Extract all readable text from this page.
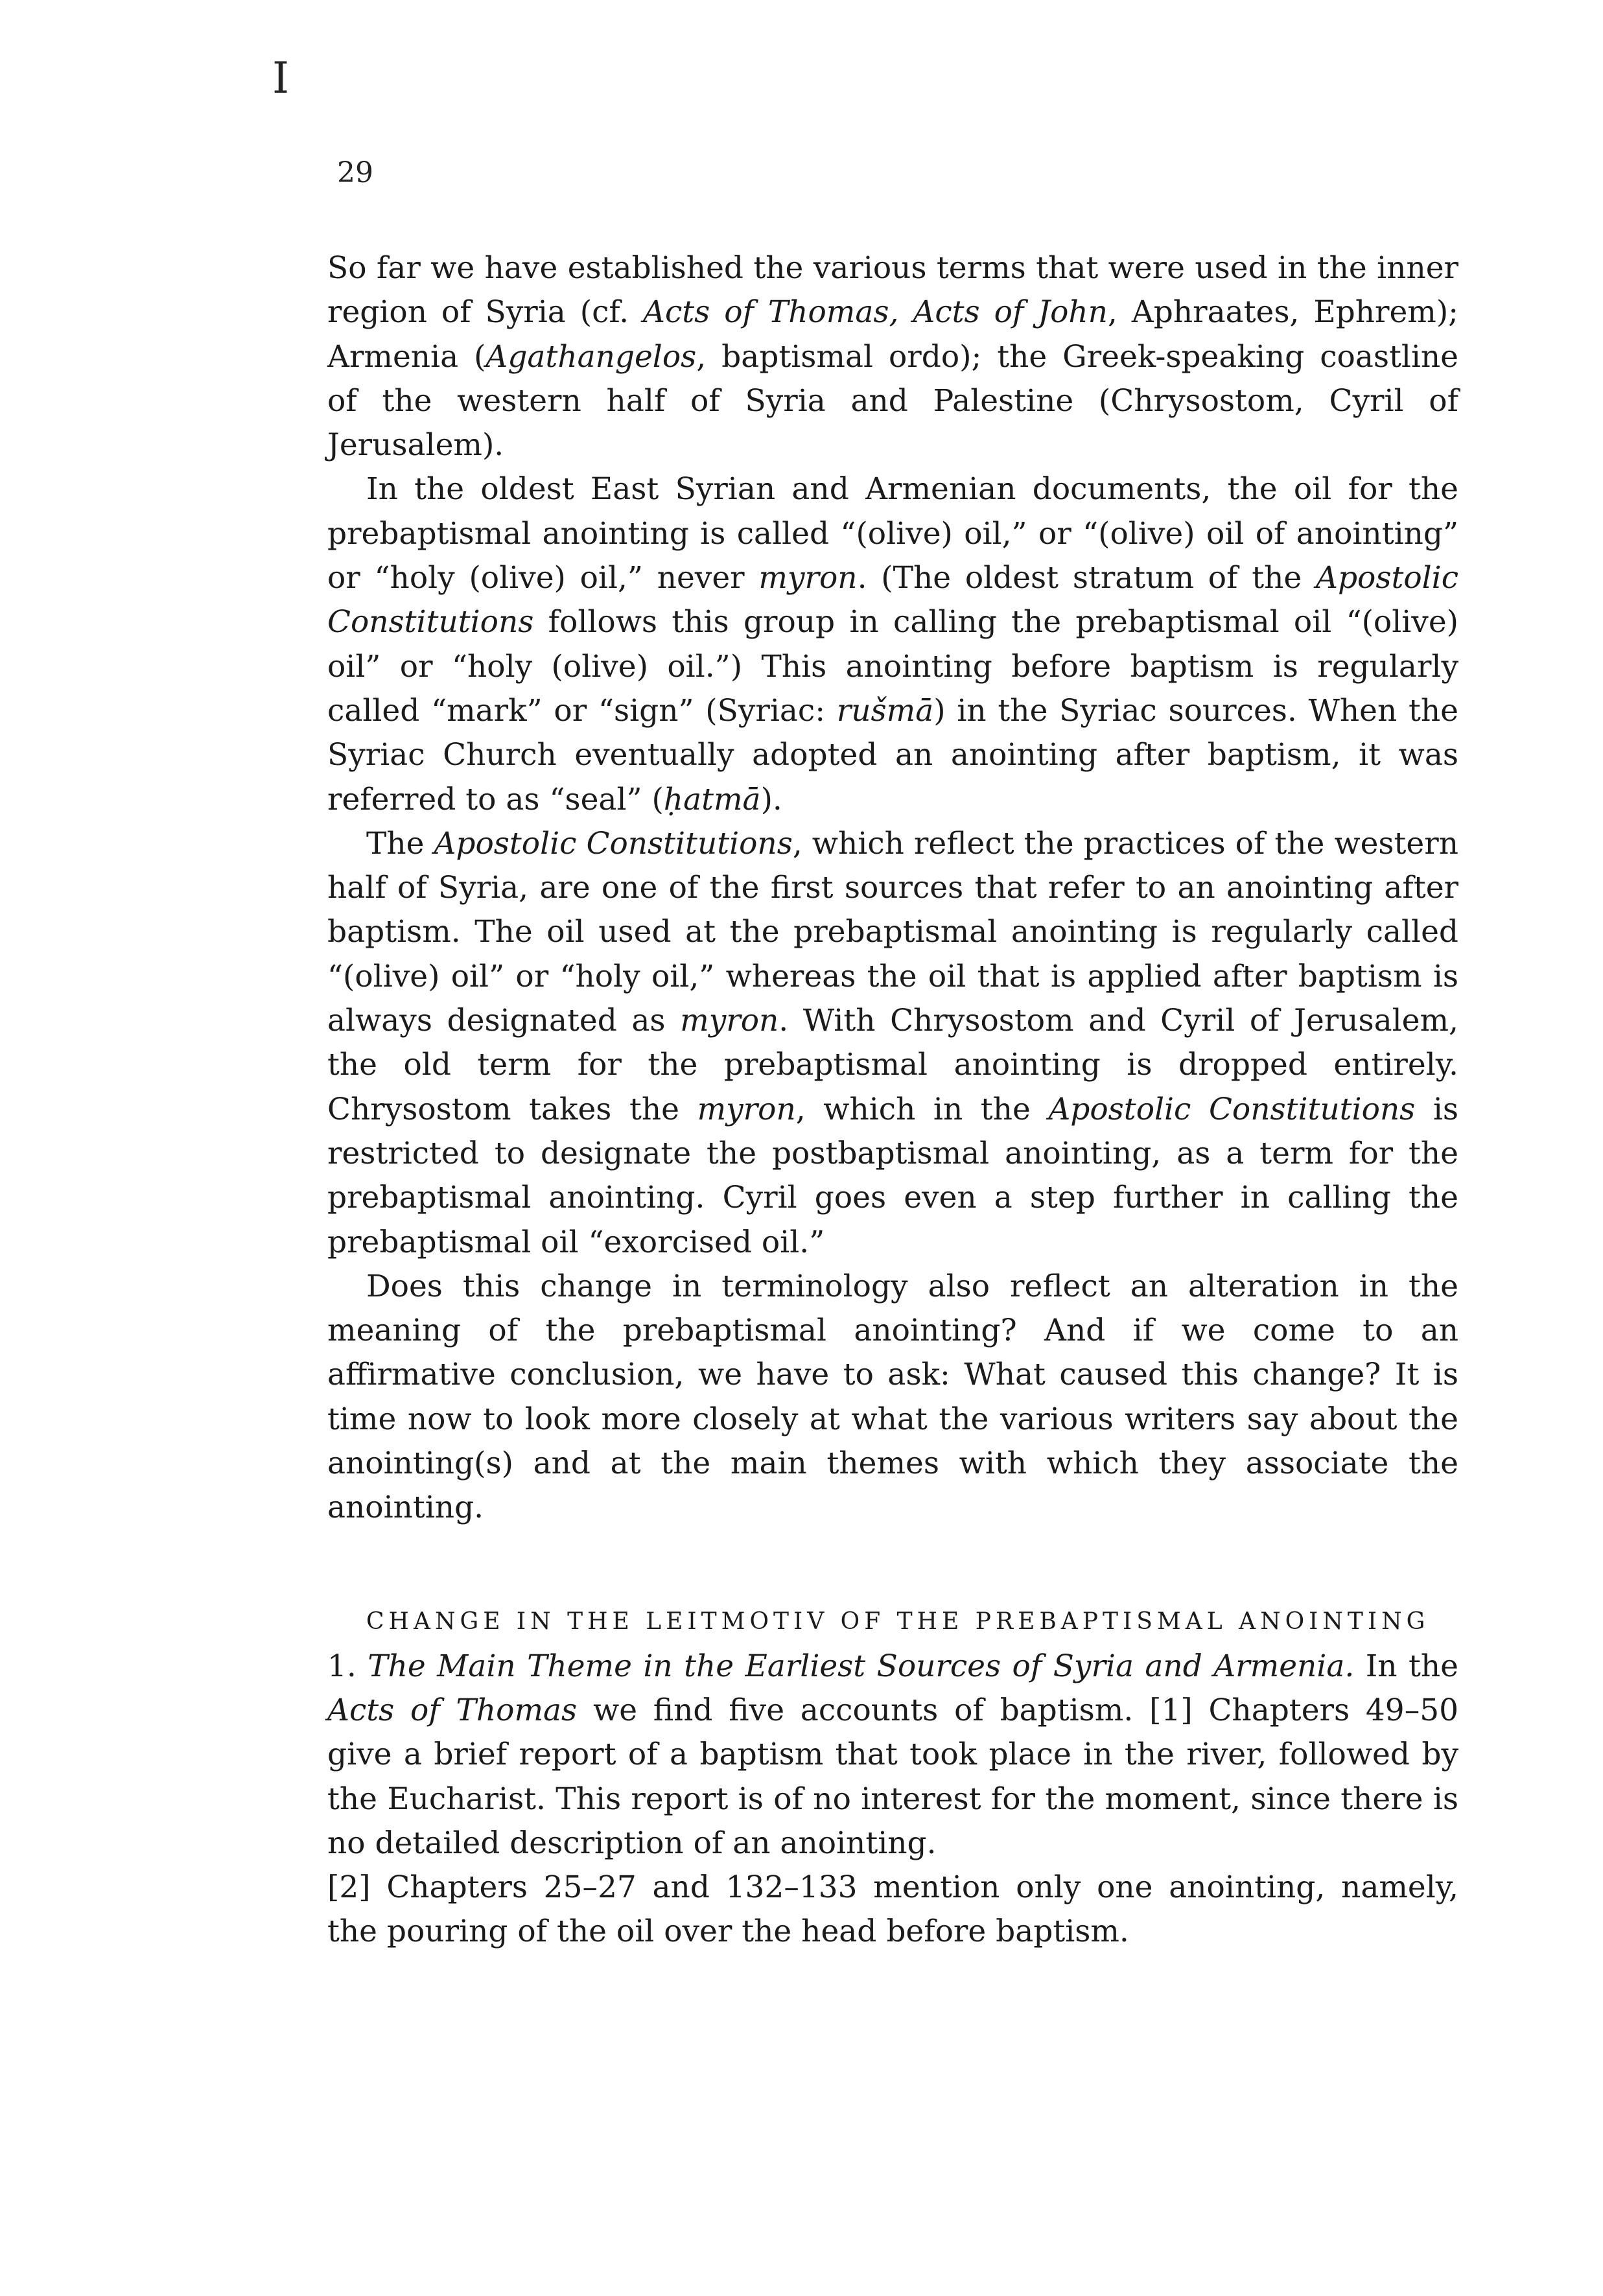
I
29

So far we have established the various terms that were used in the inner region of Syria (cf. Acts of Thomas, Acts of John, Aphraates, Ephrem); Armenia (Agathangelos, baptismal ordo); the Greek-speaking coastline of the western half of Syria and Palestine (Chrysostom, Cyril of Jerusalem).

In the oldest East Syrian and Armenian documents, the oil for the prebaptismal anointing is called “(olive) oil,” or “(olive) oil of anointing” or “holy (olive) oil,” never myron. (The oldest stratum of the Apostolic Constitutions follows this group in calling the prebaptismal oil “(olive) oil” or “holy (olive) oil.”) This anointing before baptism is regularly called “mark” or “sign” (Syriac: rušmā) in the Syriac sources. When the Syriac Church eventually adopted an anointing after baptism, it was referred to as “seal” (ḥatmā).

The Apostolic Constitutions, which reflect the practices of the western half of Syria, are one of the first sources that refer to an anointing after baptism. The oil used at the prebaptismal anointing is regularly called “(olive) oil” or “holy oil,” whereas the oil that is applied after baptism is always designated as myron. With Chrysostom and Cyril of Jerusalem, the old term for the prebaptismal anointing is dropped entirely. Chrysostom takes the myron, which in the Apostolic Constitutions is restricted to designate the postbaptismal anointing, as a term for the prebaptismal anointing. Cyril goes even a step further in calling the prebaptismal oil “exorcised oil.”

Does this change in terminology also reflect an alteration in the meaning of the prebaptismal anointing? And if we come to an affirmative conclusion, we have to ask: What caused this change? It is time now to look more closely at what the various writers say about the anointing(s) and at the main themes with which they associate the anointing.

CHANGE IN THE LEITMOTIV OF THE PREBAPTISMAL ANOINTING

1. The Main Theme in the Earliest Sources of Syria and Armenia. In the Acts of Thomas we find five accounts of baptism. [1] Chapters 49–50 give a brief report of a baptism that took place in the river, followed by the Eucharist. This report is of no interest for the moment, since there is no detailed description of an anointing.

[2] Chapters 25–27 and 132–133 mention only one anointing, namely, the pouring of the oil over the head before baptism.
